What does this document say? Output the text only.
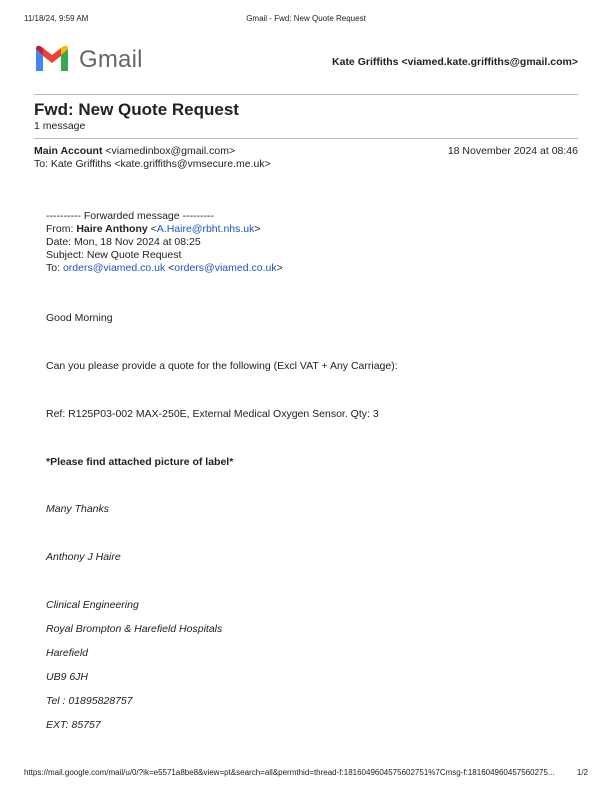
11/18/24, 9:59 AM	Gmail - Fwd: New Quote Request
Gmail	Kate Griffiths <viamed.kate.griffiths@gmail.com>
Fwd: New Quote Request
1 message
Main Account <viamedinbox@gmail.com>	18 November 2024 at 08:46
To: Kate Griffiths <kate.griffiths@vmsecure.me.uk>
---------- Forwarded message ---------
From: Haire Anthony <A.Haire@rbht.nhs.uk>
Date: Mon, 18 Nov 2024 at 08:25
Subject: New Quote Request
To: orders@viamed.co.uk <orders@viamed.co.uk>
Good Morning
Can you please provide a quote for the following (Excl VAT + Any Carriage):
Ref: R125P03-002 MAX-250E, External Medical Oxygen Sensor. Qty: 3
*Please find attached picture of label*
Many Thanks
Anthony J Haire
Clinical Engineering
Royal Brompton & Harefield Hospitals
Harefield
UB9 6JH
Tel : 01895828757
EXT: 85757
https://mail.google.com/mail/u/0/?ik=e5571a8be8&view=pt&search=all&permthid=thread-f:1816049604575602751%7Cmsg-f:181604960457560275...	1/2
